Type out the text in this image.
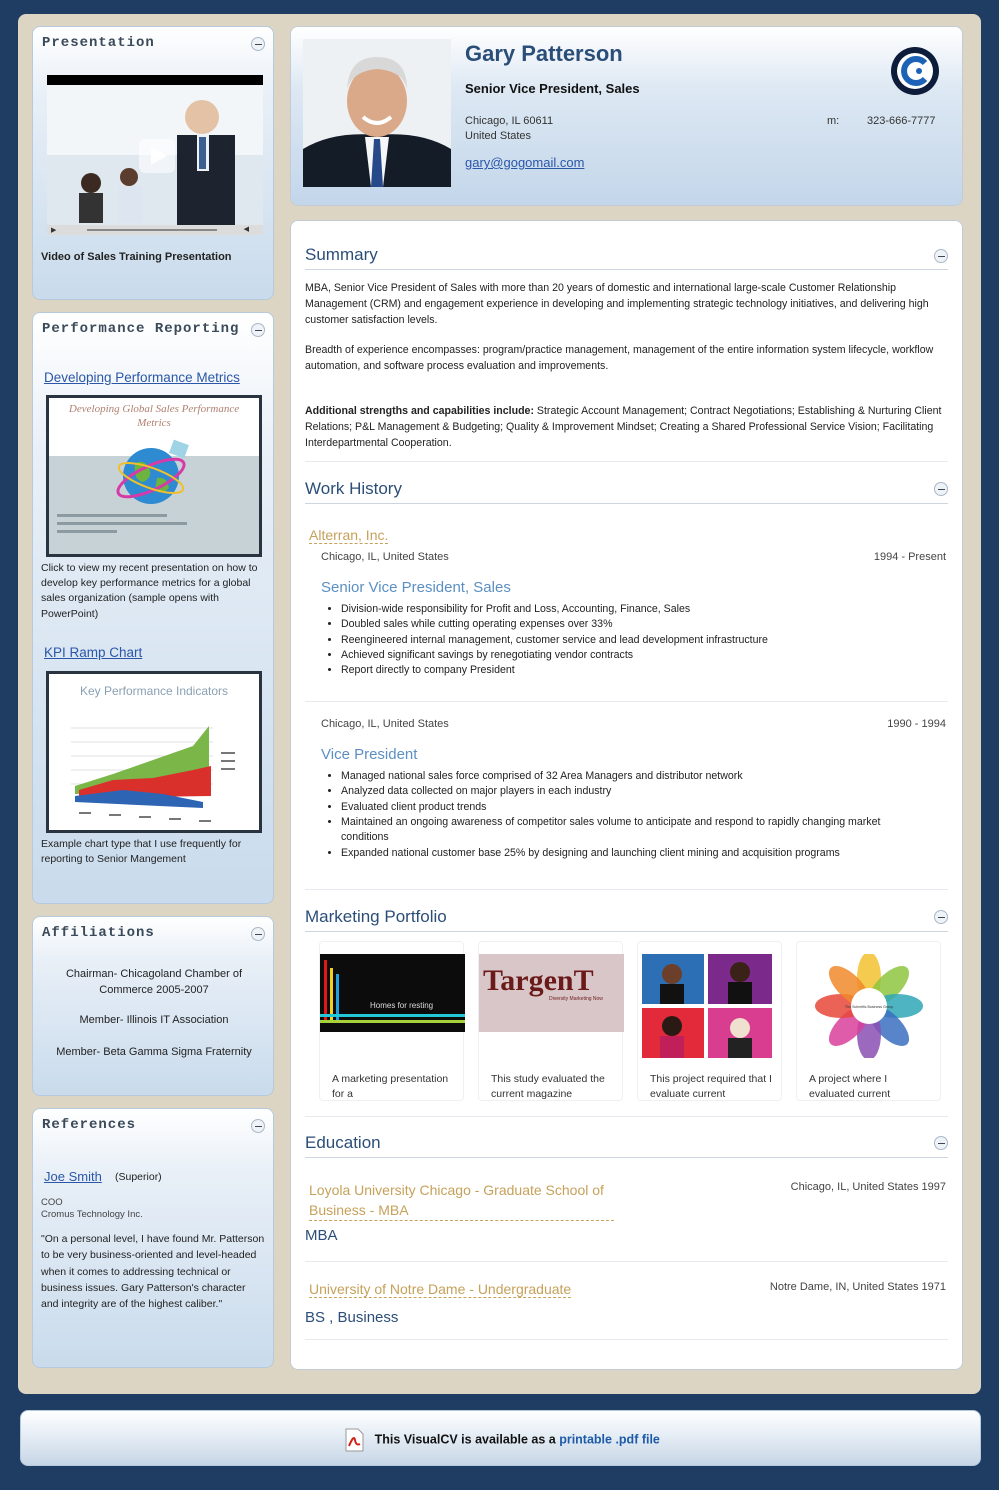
Presentation
▶	◀
Video of Sales Training Presentation
Performance Reporting
Developing Performance Metrics
Developing Global Sales Performance Metrics
Click to view my recent presentation on how to develop key performance metrics for a global sales organization (sample opens with PowerPoint)
KPI Ramp Chart
Key Performance Indicators
Example chart type that I use frequently for reporting to Senior Mangement
Affiliations
Chairman- Chicagoland Chamber of Commerce 2005-2007
Member- Illinois IT Association
Member- Beta Gamma Sigma Fraternity
References
Joe Smith (Superior)
COO
Cromus Technology Inc.
"On a personal level, I have found Mr. Patterson to be very business-oriented and level-headed when it comes to addressing technical or business issues. Gary Patterson's character and integrity are of the highest caliber."
Gary Patterson
Senior Vice President, Sales
Chicago, IL 60611
United States
gary@gogomail.com
m:	323-666-7777
Summary
MBA, Senior Vice President of Sales with more than 20 years of domestic and international large-scale Customer Relationship Management (CRM) and engagement experience in developing and implementing strategic technology initiatives, and delivering high customer satisfaction levels.
Breadth of experience encompasses: program/practice management, management of the entire information system lifecycle, workflow automation, and software process evaluation and improvements.
Additional strengths and capabilities include: Strategic Account Management; Contract Negotiations; Establishing & Nurturing Client Relations; P&L Management & Budgeting; Quality & Improvement Mindset; Creating a Shared Professional Service Vision; Facilitating Interdepartmental Cooperation.
Work History
Alterran, Inc.
Chicago, IL, United States	1994 - Present
Senior Vice President, Sales
• Division-wide responsibility for Profit and Loss, Accounting, Finance, Sales
• Doubled sales while cutting operating expenses over 33%
• Reengineered internal management, customer service and lead development infrastructure
• Achieved significant savings by renegotiating vendor contracts
• Report directly to company President
Chicago, IL, United States	1990 - 1994
Vice President
• Managed national sales force comprised of 32 Area Managers and distributor network
• Analyzed data collected on major players in each industry
• Evaluated client product trends
• Maintained an ongoing awareness of competitor sales volume to anticipate and respond to rapidly changing market conditions
• Expanded national customer base 25% by designing and launching client mining and acquisition programs
Marketing Portfolio
Homes for resting
A marketing presentation for a
TargenT
Diversity Marketing Now
This study evaluated the current magazine
This project required that I evaluate current
The Scientific Business Group
A project where I evaluated current
Education
Loyola University Chicago - Graduate School of Business - MBA
Chicago, IL, United States 1997
MBA
University of Notre Dame - Undergraduate	Notre Dame, IN, United States 1971
BS , Business
This VisualCV is available as a printable .pdf file
